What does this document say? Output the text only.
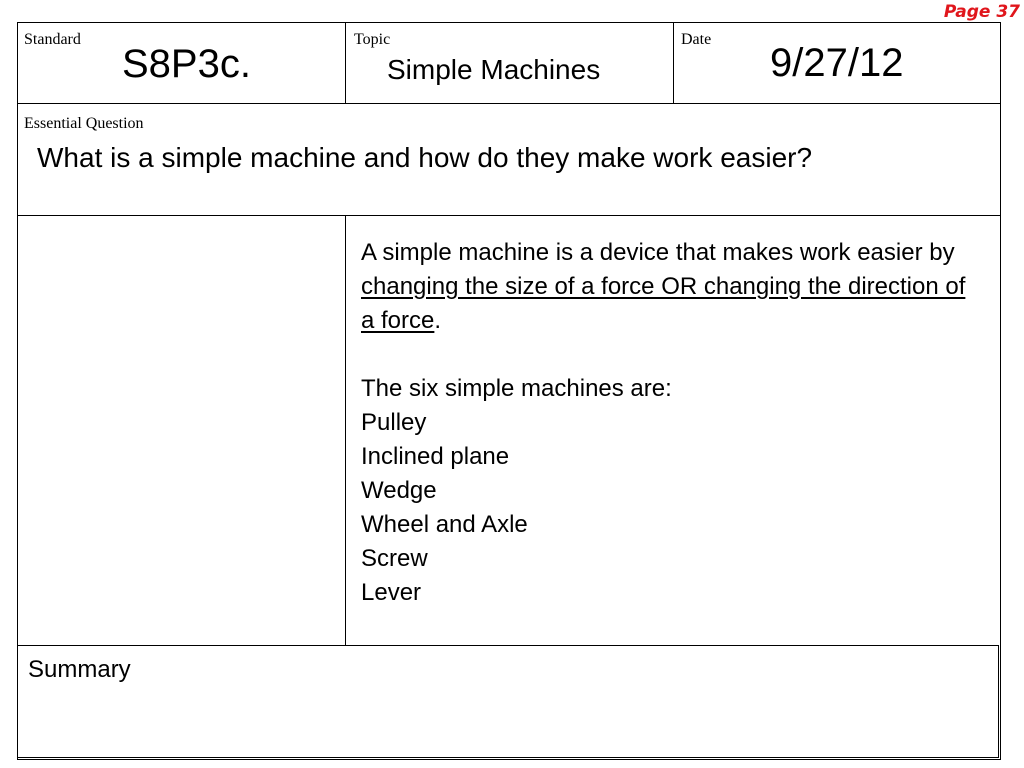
Page 37
Standard
S8P3c.
Topic
Simple Machines
Date
9/27/12
Essential Question
What is a simple machine and how do they make work easier?

A simple machine is a device that makes work easier by changing the size of a force OR changing the direction of a force.

The six simple machines are:

Pulley

Inclined plane

Wedge

Wheel and Axle

Screw

Lever

Summary
